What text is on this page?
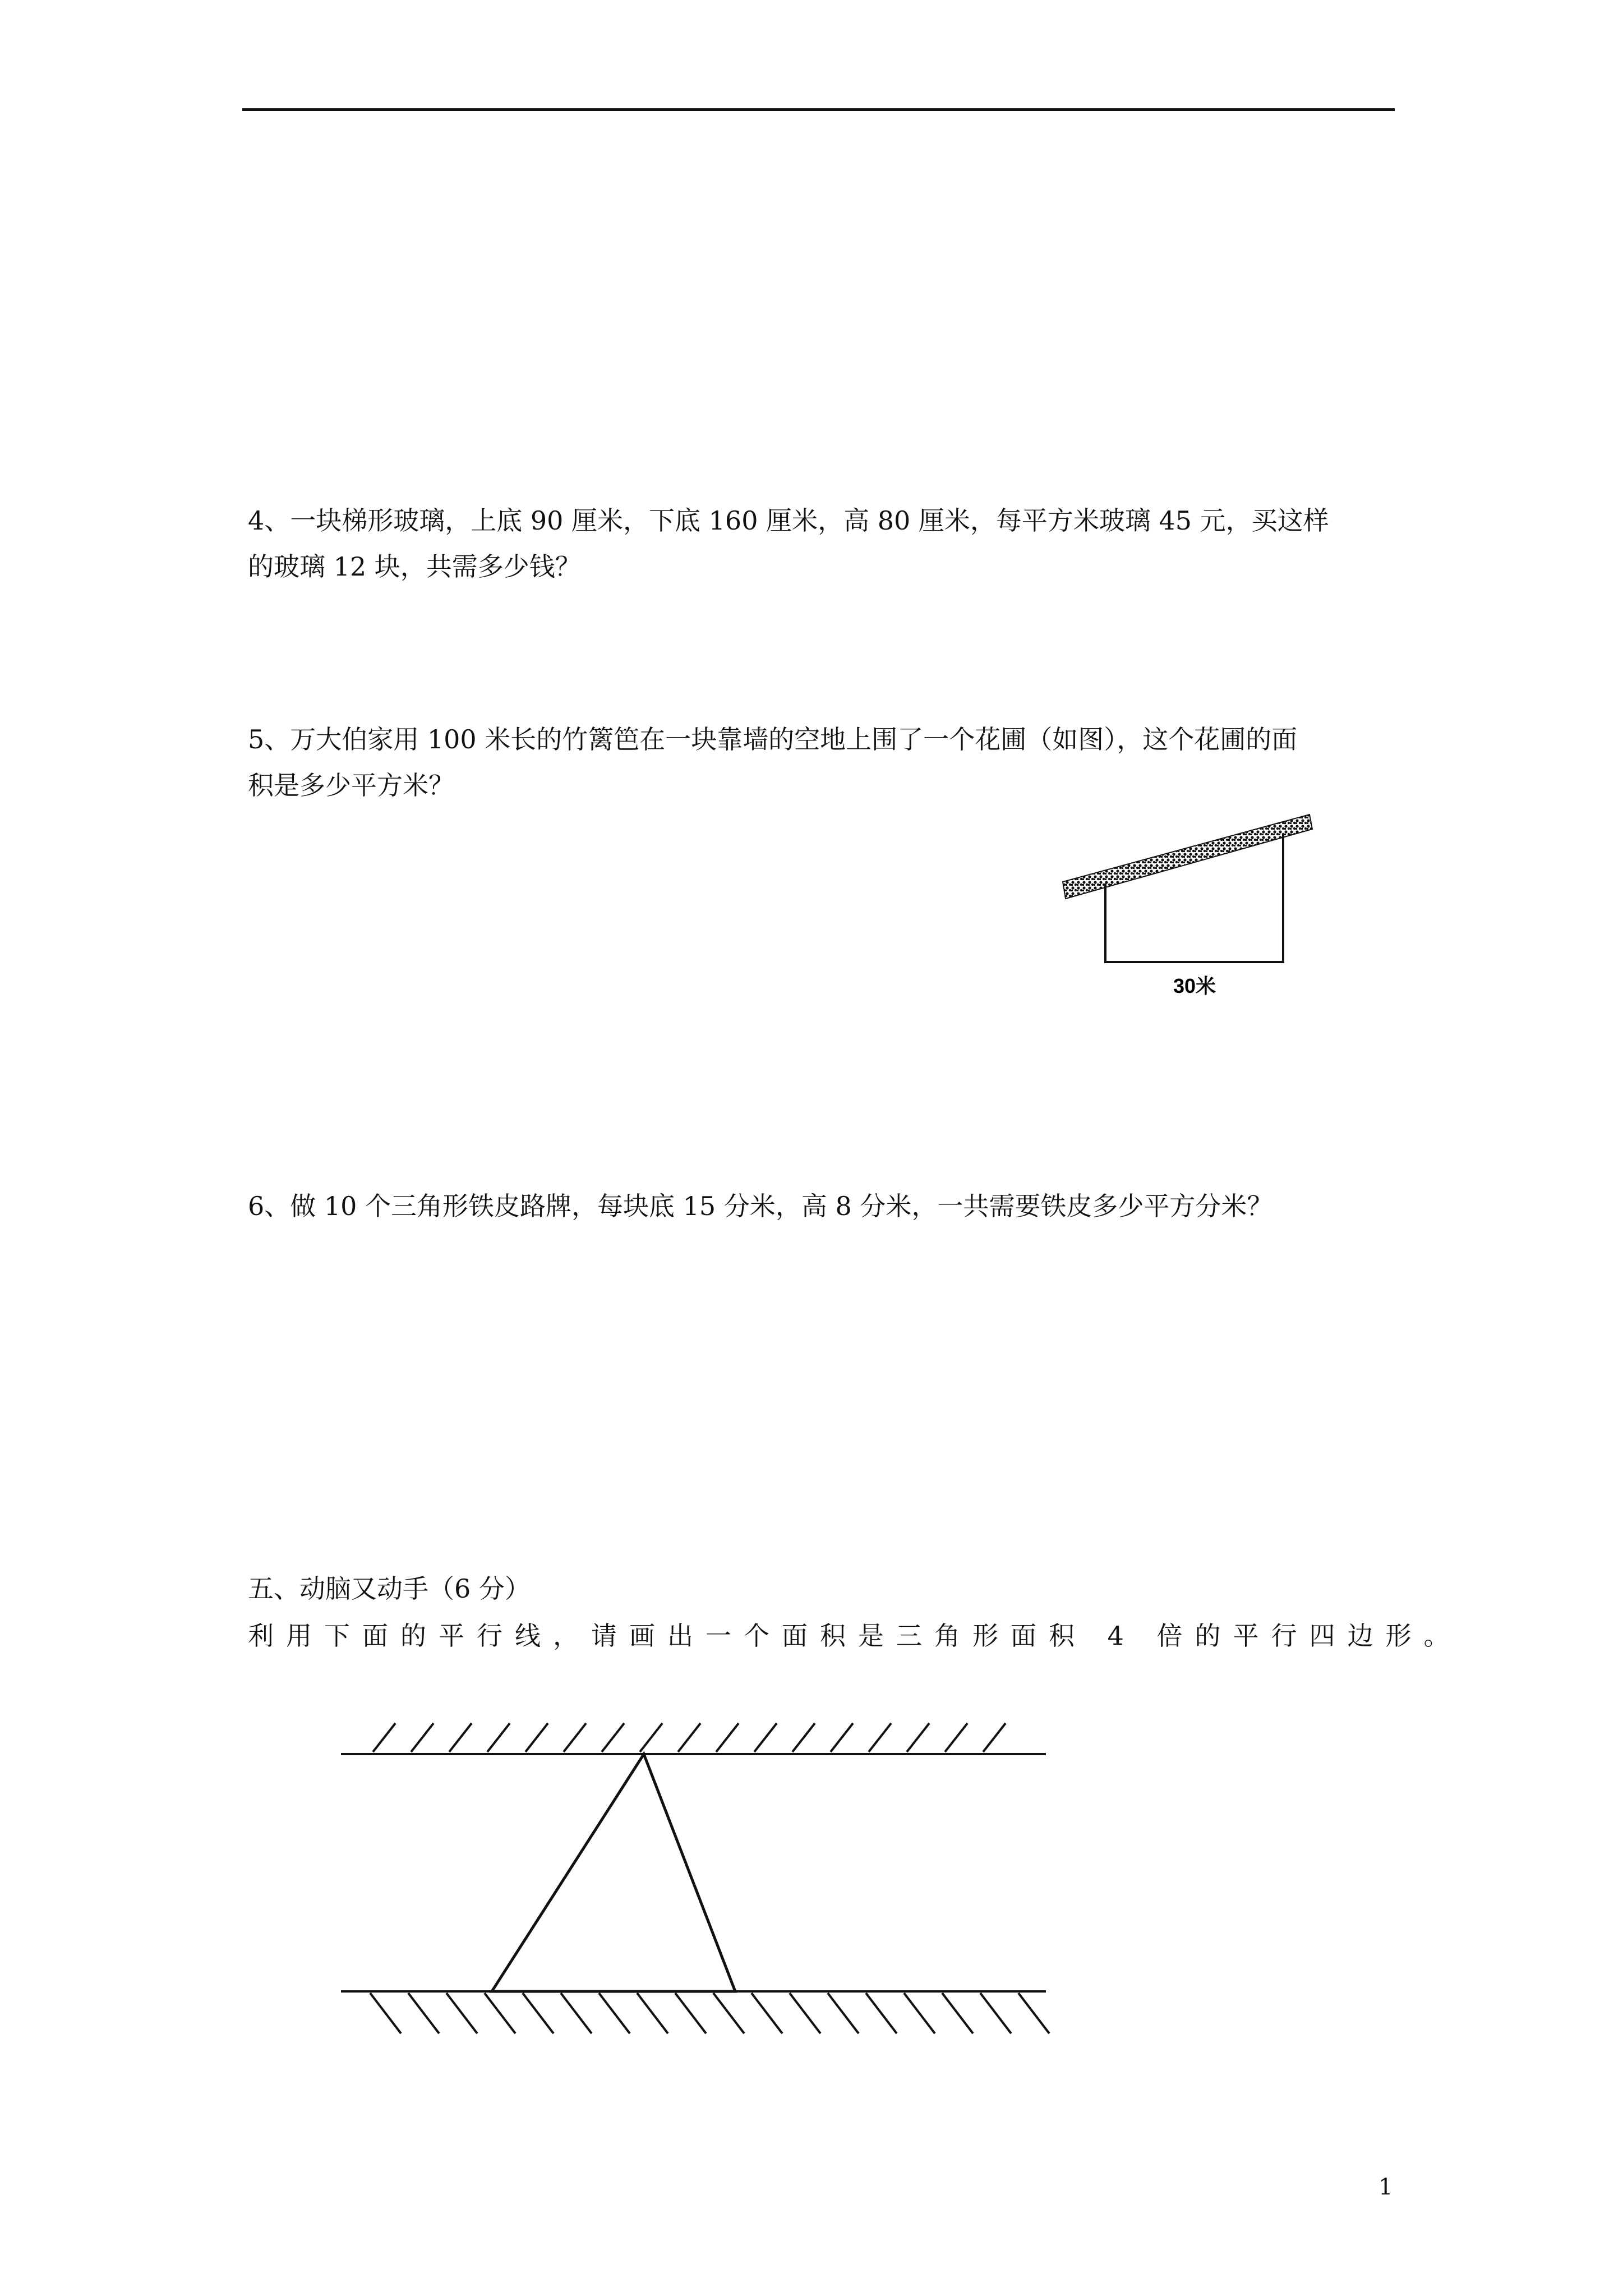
4、一块梯形玻璃，上底 90 厘米，下底 160 厘米，高 80 厘米，每平方米玻璃 45 元，买这样
的玻璃 12 块，共需多少钱？
5、万大伯家用 100 米长的竹篱笆在一块靠墙的空地上围了一个花圃（如图），这个花圃的面
积是多少平方米？
30米
6、做 10 个三角形铁皮路牌，每块底 15 分米，高 8 分米，一共需要铁皮多少平方分米？
五、动脑又动手（6 分）
利用下面的平行线，请画出一个面积是三角形面积 4 倍的平行四边形。
1
